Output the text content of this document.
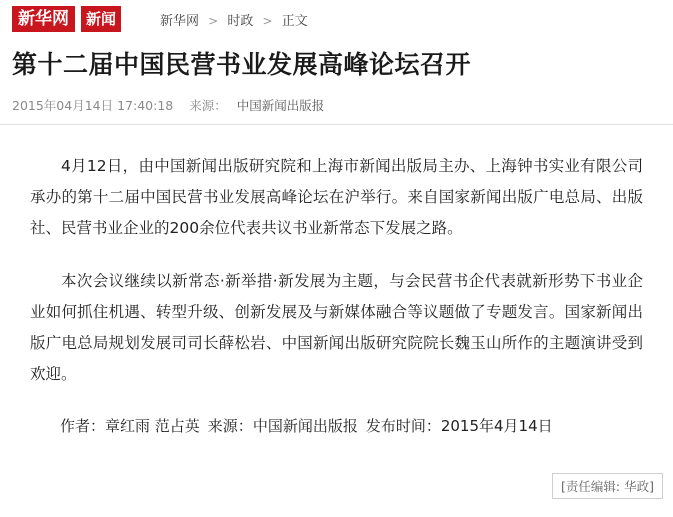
新华网	新闻	新华网 > 时政 > 正文
第十二届中国民营书业发展高峰论坛召开
2015年04月14日 17:40:18 来源： 中国新闻出版报

4月12日，由中国新闻出版研究院和上海市新闻出版局主办、上海钟书实业有限公司承办的第十二届中国民营书业发展高峰论坛在沪举行。来自国家新闻出版广电总局、出版社、民营书业企业的200余位代表共议书业新常态下发展之路。

本次会议继续以新常态·新举措·新发展为主题，与会民营书企代表就新形势下书业企业如何抓住机遇、转型升级、创新发展及与新媒体融合等议题做了专题发言。国家新闻出版广电总局规划发展司司长薛松岩、中国新闻出版研究院院长魏玉山所作的主题演讲受到欢迎。

作者：章红雨 范占英 来源：中国新闻出版报 发布时间：2015年4月14日
[责任编辑: 华政]
